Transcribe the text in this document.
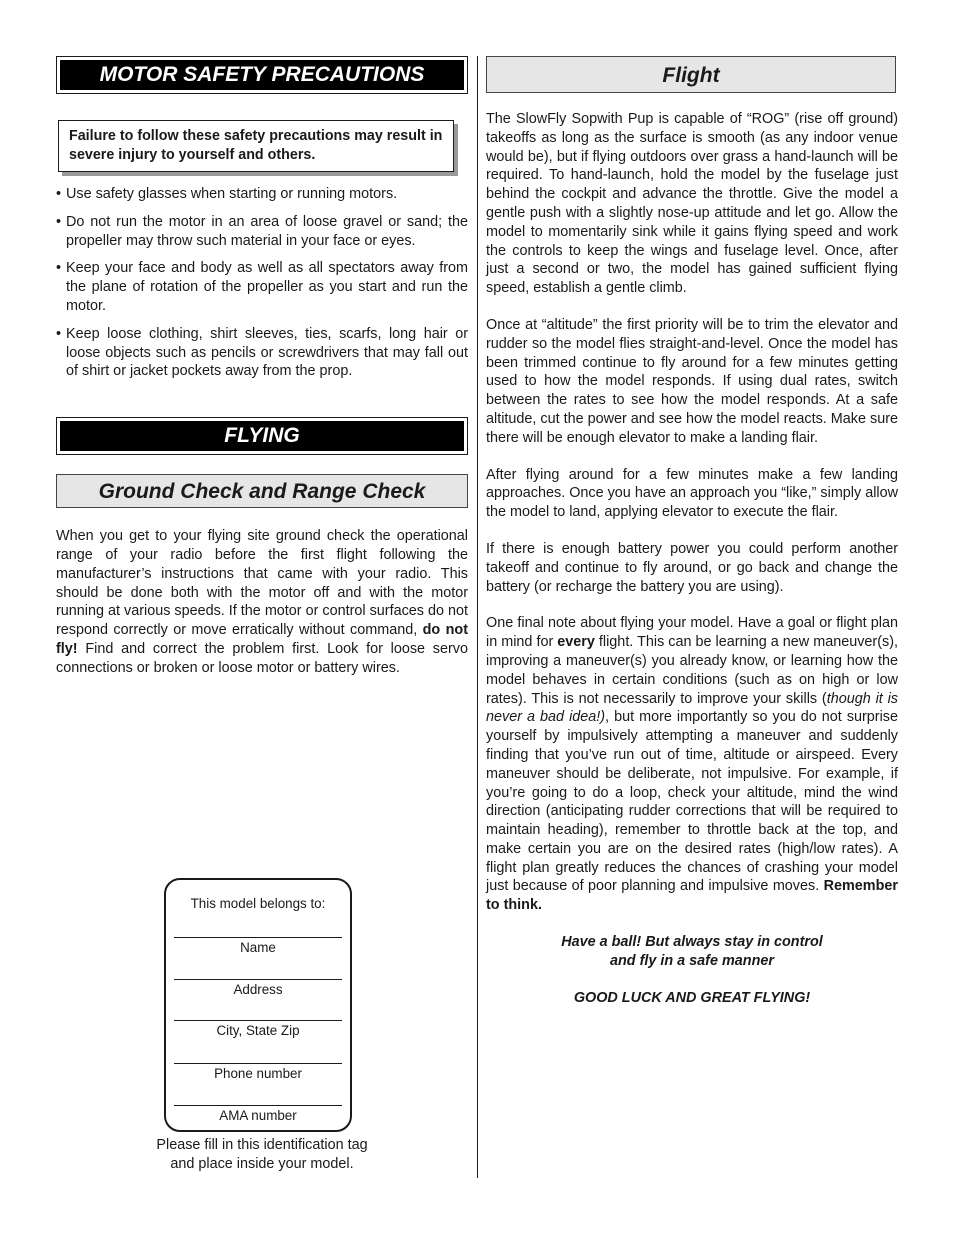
MOTOR SAFETY PRECAUTIONS
Failure to follow these safety precautions may result in severe injury to yourself and others.
• Use safety glasses when starting or running motors.
• Do not run the motor in an area of loose gravel or sand; the propeller may throw such material in your face or eyes.
• Keep your face and body as well as all spectators away from the plane of rotation of the propeller as you start and run the motor.
• Keep loose clothing, shirt sleeves, ties, scarfs, long hair or loose objects such as pencils or screwdrivers that may fall out of shirt or jacket pockets away from the prop.
FLYING
Ground Check and Range Check

When you get to your flying site ground check the operational range of your radio before the first flight following the manufacturer’s instructions that came with your radio. This should be done both with the motor off and with the motor running at various speeds. If the motor or control surfaces do not respond correctly or move erratically without command, do not fly! Find and correct the problem first. Look for loose servo connections or broken or loose motor or battery wires.

This model belongs to:
Name
Address
City, State Zip
Phone number
AMA number
Please fill in this identification tag
and place inside your model.
Flight

The SlowFly Sopwith Pup is capable of “ROG” (rise off ground) takeoffs as long as the surface is smooth (as any indoor venue would be), but if flying outdoors over grass a hand-launch will be required. To hand-launch, hold the model by the fuselage just behind the cockpit and advance the throttle. Give the model a gentle push with a slightly nose-up attitude and let go. Allow the model to momentarily sink while it gains flying speed and work the controls to keep the wings and fuselage level. Once, after just a second or two, the model has gained sufficient flying speed, establish a gentle climb.

Once at “altitude” the first priority will be to trim the elevator and rudder so the model flies straight-and-level. Once the model has been trimmed continue to fly around for a few minutes getting used to how the model responds. If using dual rates, switch between the rates to see how the model responds. At a safe altitude, cut the power and see how the model reacts. Make sure there will be enough elevator to make a landing flair.

After flying around for a few minutes make a few landing approaches. Once you have an approach you “like,” simply allow the model to land, applying elevator to execute the flair.

If there is enough battery power you could perform another takeoff and continue to fly around, or go back and change the battery (or recharge the battery you are using).

One final note about flying your model. Have a goal or flight plan in mind for every flight. This can be learning a new maneuver(s), improving a maneuver(s) you already know, or learning how the model behaves in certain conditions (such as on high or low rates). This is not necessarily to improve your skills (though it is never a bad idea!), but more importantly so you do not surprise yourself by impulsively attempting a maneuver and suddenly finding that you’ve run out of time, altitude or airspeed. Every maneuver should be deliberate, not impulsive. For example, if you’re going to do a loop, check your altitude, mind the wind direction (anticipating rudder corrections that will be required to maintain heading), remember to throttle back at the top, and make certain you are on the desired rates (high/low rates). A flight plan greatly reduces the chances of crashing your model just because of poor planning and impulsive moves. Remember to think.

Have a ball! But always stay in control

and fly in a safe manner

GOOD LUCK AND GREAT FLYING!
